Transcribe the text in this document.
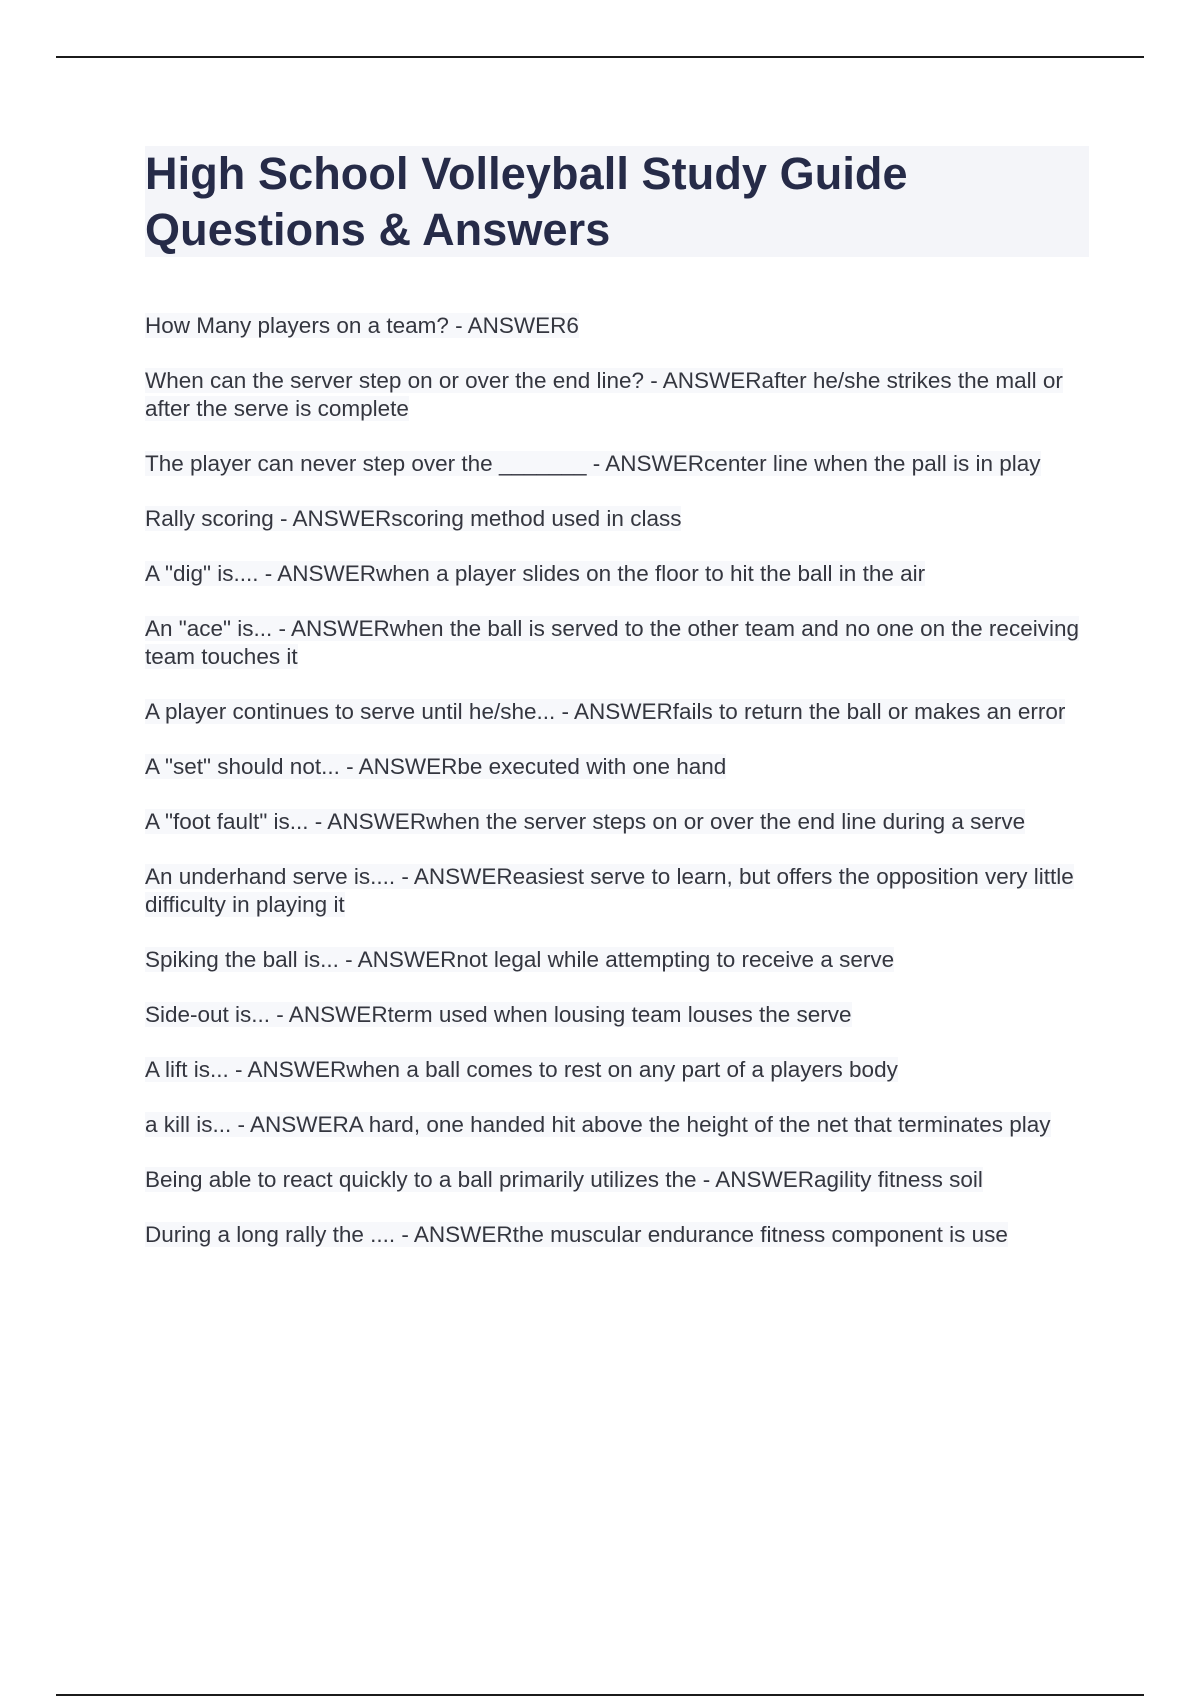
High School Volleyball Study Guide Questions & Answers

How Many players on a team? - ANSWER6

When can the server step on or over the end line? - ANSWERafter he/she strikes the mall or after the serve is complete

The player can never step over the _______ - ANSWERcenter line when the pall is in play

Rally scoring - ANSWERscoring method used in class

A "dig" is.... - ANSWERwhen a player slides on the floor to hit the ball in the air

An "ace" is... - ANSWERwhen the ball is served to the other team and no one on the receiving team touches it

A player continues to serve until he/she... - ANSWERfails to return the ball or makes an error

A "set" should not... - ANSWERbe executed with one hand

A "foot fault" is... - ANSWERwhen the server steps on or over the end line during a serve

An underhand serve is.... - ANSWEReasiest serve to learn, but offers the opposition very little difficulty in playing it

Spiking the ball is... - ANSWERnot legal while attempting to receive a serve

Side-out is... - ANSWERterm used when lousing team louses the serve

A lift is... - ANSWERwhen a ball comes to rest on any part of a players body

a kill is... - ANSWERA hard, one handed hit above the height of the net that terminates play

Being able to react quickly to a ball primarily utilizes the - ANSWERagility fitness soil

During a long rally the .... - ANSWERthe muscular endurance fitness component is use
